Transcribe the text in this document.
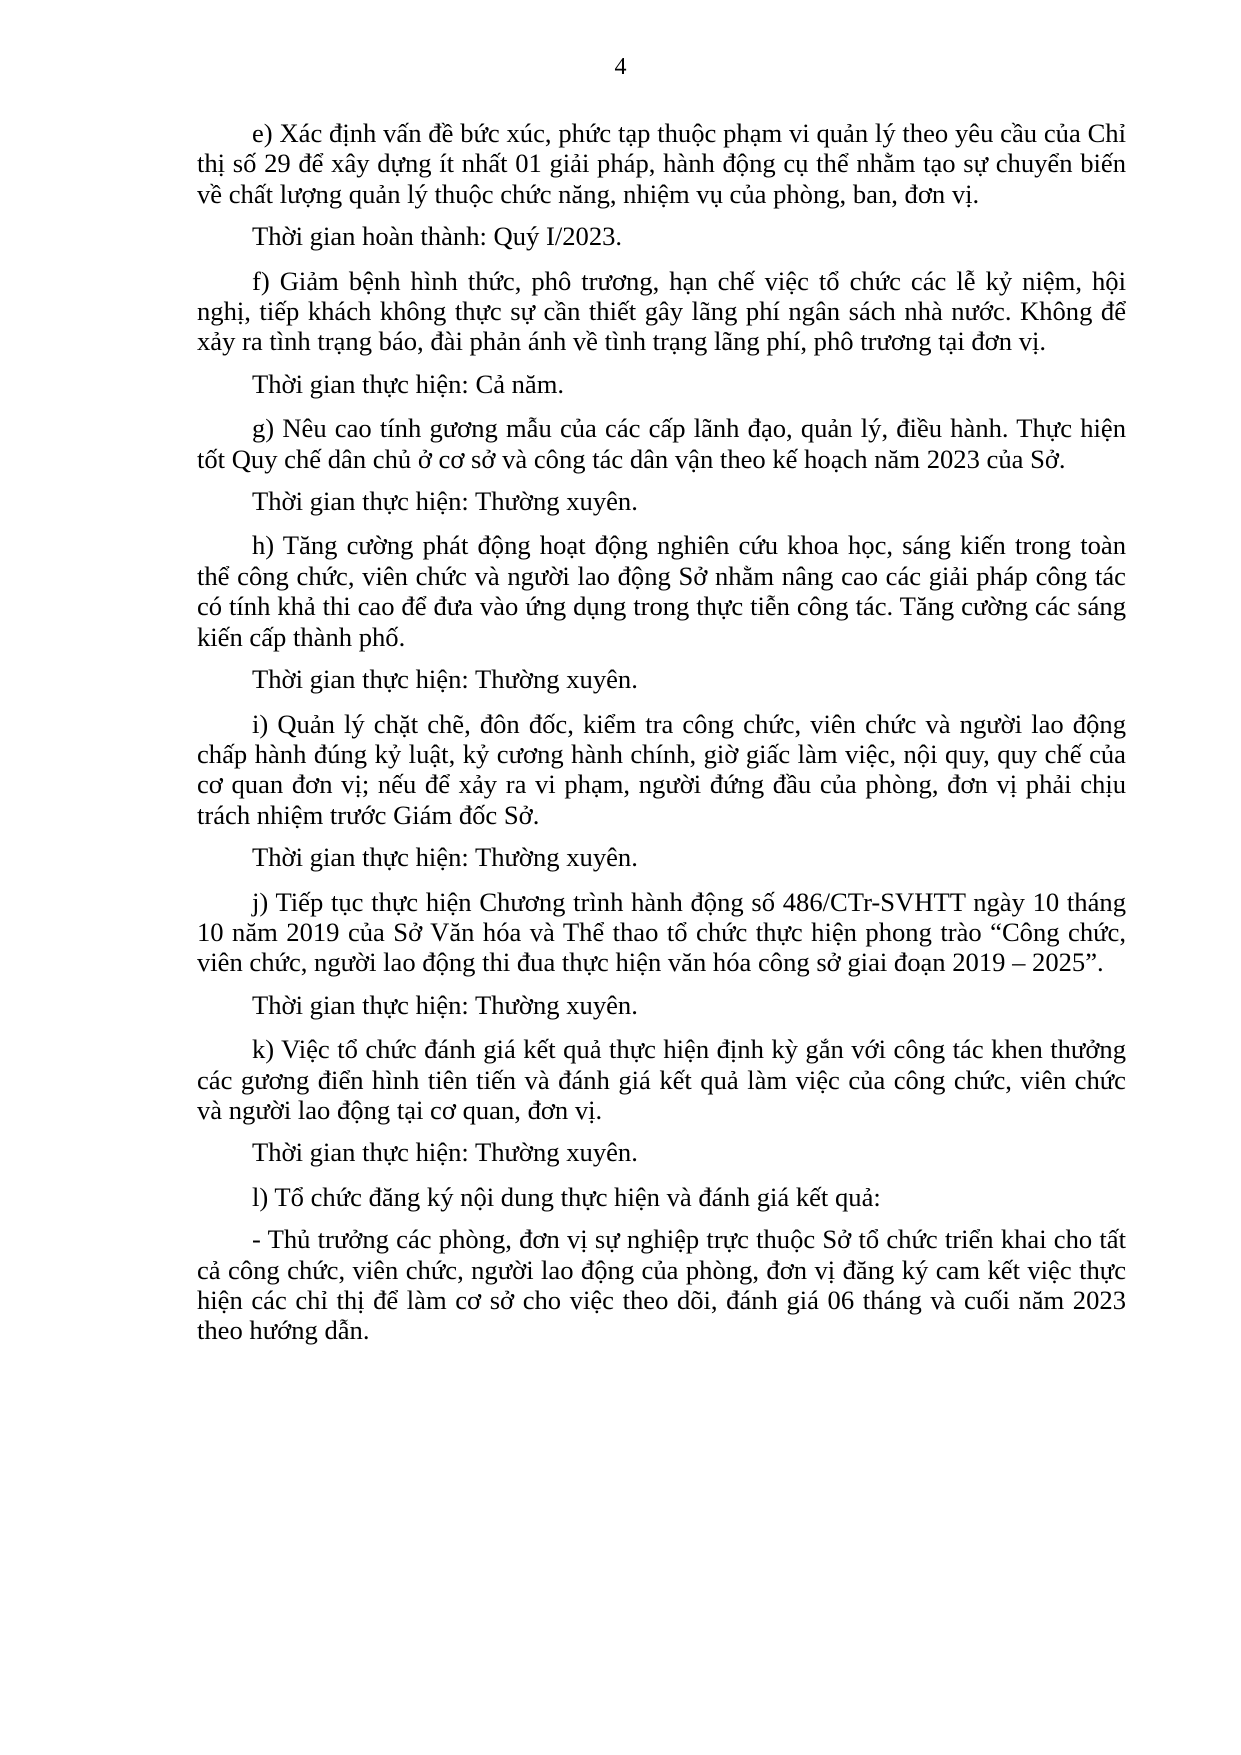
4

e) Xác định vấn đề bức xúc, phức tạp thuộc phạm vi quản lý theo yêu cầu của Chỉ thị số 29 để xây dựng ít nhất 01 giải pháp, hành động cụ thể nhằm tạo sự chuyển biến về chất lượng quản lý thuộc chức năng, nhiệm vụ của phòng, ban, đơn vị.

Thời gian hoàn thành: Quý I/2023.

f) Giảm bệnh hình thức, phô trương, hạn chế việc tổ chức các lễ kỷ niệm, hội nghị, tiếp khách không thực sự cần thiết gây lãng phí ngân sách nhà nước. Không để xảy ra tình trạng báo, đài phản ánh về tình trạng lãng phí, phô trương tại đơn vị.

Thời gian thực hiện: Cả năm.

g) Nêu cao tính gương mẫu của các cấp lãnh đạo, quản lý, điều hành. Thực hiện tốt Quy chế dân chủ ở cơ sở và công tác dân vận theo kế hoạch năm 2023 của Sở.

Thời gian thực hiện: Thường xuyên.

h) Tăng cường phát động hoạt động nghiên cứu khoa học, sáng kiến trong toàn thể công chức, viên chức và người lao động Sở nhằm nâng cao các giải pháp công tác có tính khả thi cao để đưa vào ứng dụng trong thực tiễn công tác. Tăng cường các sáng kiến cấp thành phố.

Thời gian thực hiện: Thường xuyên.

i) Quản lý chặt chẽ, đôn đốc, kiểm tra công chức, viên chức và người lao động chấp hành đúng kỷ luật, kỷ cương hành chính, giờ giấc làm việc, nội quy, quy chế của cơ quan đơn vị; nếu để xảy ra vi phạm, người đứng đầu của phòng, đơn vị phải chịu trách nhiệm trước Giám đốc Sở.

Thời gian thực hiện: Thường xuyên.

j) Tiếp tục thực hiện Chương trình hành động số 486/CTr-SVHTT ngày 10 tháng 10 năm 2019 của Sở Văn hóa và Thể thao tổ chức thực hiện phong trào “Công chức, viên chức, người lao động thi đua thực hiện văn hóa công sở giai đoạn 2019 – 2025”.

Thời gian thực hiện: Thường xuyên.

k) Việc tổ chức đánh giá kết quả thực hiện định kỳ gắn với công tác khen thưởng các gương điển hình tiên tiến và đánh giá kết quả làm việc của công chức, viên chức và người lao động tại cơ quan, đơn vị.

Thời gian thực hiện: Thường xuyên.

l) Tổ chức đăng ký nội dung thực hiện và đánh giá kết quả:

- Thủ trưởng các phòng, đơn vị sự nghiệp trực thuộc Sở tổ chức triển khai cho tất cả công chức, viên chức, người lao động của phòng, đơn vị đăng ký cam kết việc thực hiện các chỉ thị để làm cơ sở cho việc theo dõi, đánh giá 06 tháng và cuối năm 2023 theo hướng dẫn.
